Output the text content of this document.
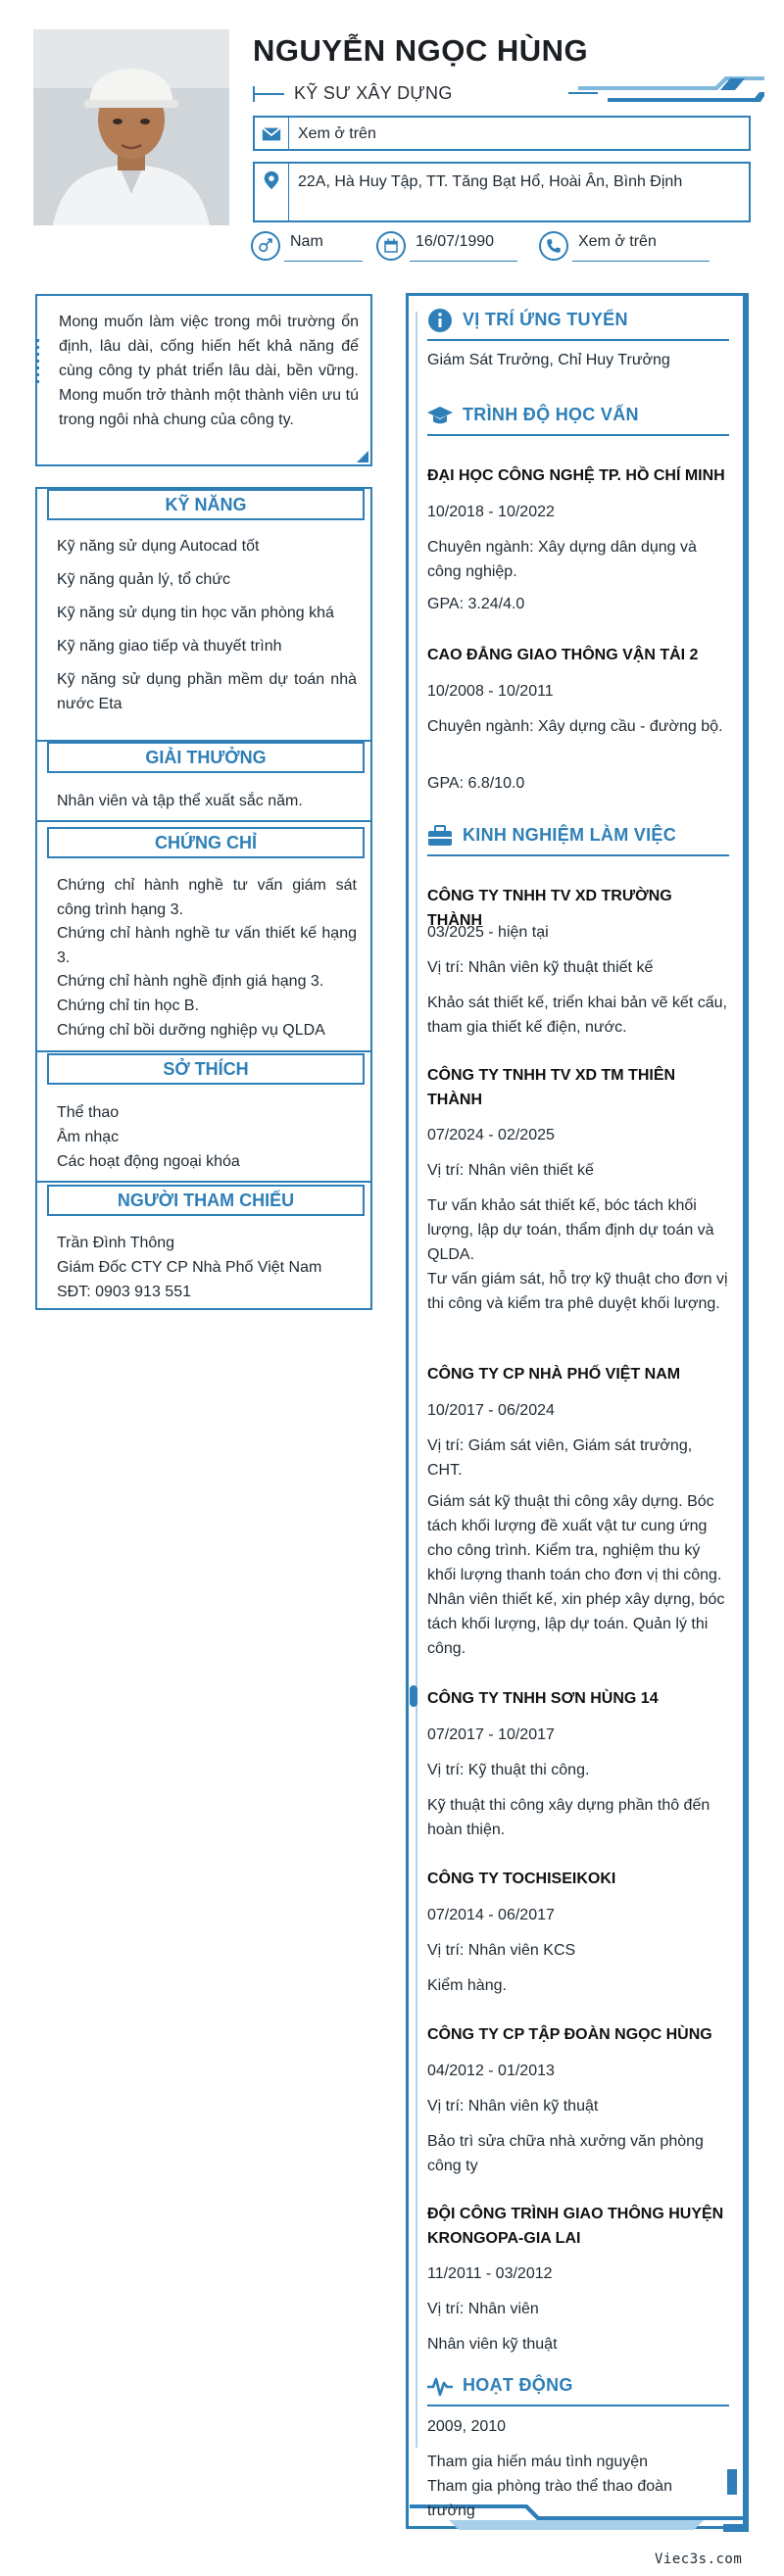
NGUYỄN NGỌC HÙNG
KỸ SƯ XÂY DỰNG
Xem ở trên
22A, Hà Huy Tập, TT. Tăng Bạt Hổ, Hoài Ân, Bình Định
Nam	16/07/1990	Xem ở trên
Mong muốn làm việc trong môi trường ổn định, lâu dài, cống hiến hết khả năng để cùng công ty phát triển lâu dài, bền vững. Mong muốn trở thành một thành viên ưu tú trong ngôi nhà chung của công ty.
KỸ NĂNG
Kỹ năng sử dụng Autocad tốt
Kỹ năng quản lý, tổ chức
Kỹ năng sử dụng tin học văn phòng khá
Kỹ năng giao tiếp và thuyết trình
Kỹ năng sử dụng phần mềm dự toán nhà nước Eta
GIẢI THƯỞNG
Nhân viên và tập thể xuất sắc năm.
CHỨNG CHỈ
Chứng chỉ hành nghề tư vấn giám sát công trình hạng 3.
Chứng chỉ hành nghề tư vấn thiết kế hạng 3.
Chứng chỉ hành nghề định giá hạng 3.
Chứng chỉ tin học B.
Chứng chỉ bồi dưỡng nghiệp vụ QLDA
SỞ THÍCH
Thể thao
Âm nhạc
Các hoạt động ngoại khóa
NGƯỜI THAM CHIẾU
Trần Đình Thông
Giám Đốc CTY CP Nhà Phố Việt Nam
SĐT: 0903 913 551
VỊ TRÍ ỨNG TUYỂN
Giám Sát Trưởng, Chỉ Huy Trưởng
TRÌNH ĐỘ HỌC VẤN
ĐẠI HỌC CÔNG NGHỆ TP. HỒ CHÍ MINH
10/2018 - 10/2022
Chuyên ngành: Xây dựng dân dụng và công nghiệp.
GPA: 3.24/4.0
CAO ĐẲNG GIAO THÔNG VẬN TẢI 2
10/2008 - 10/2011
Chuyên ngành: Xây dựng cầu - đường bộ.
GPA: 6.8/10.0
KINH NGHIỆM LÀM VIỆC
CÔNG TY TNHH TV XD TRƯỜNG THÀNH
03/2025 - hiện tại
Vị trí: Nhân viên kỹ thuật thiết kế
Khảo sát thiết kế, triển khai bản vẽ kết cấu, tham gia thiết kế điện, nước.
CÔNG TY TNHH TV XD TM THIÊN THÀNH
07/2024 - 02/2025
Vị trí: Nhân viên thiết kế
Tư vấn khảo sát thiết kế, bóc tách khối lượng, lập dự toán, thẩm định dự toán và QLDA.
Tư vấn giám sát, hỗ trợ kỹ thuật cho đơn vị thi công và kiểm tra phê duyệt khối lượng.
CÔNG TY CP NHÀ PHỐ VIỆT NAM
10/2017 - 06/2024
Vị trí: Giám sát viên, Giám sát trưởng, CHT.
Giám sát kỹ thuật thi công xây dựng. Bóc tách khối lượng đề xuất vật tư cung ứng cho công trình. Kiểm tra, nghiệm thu ký khối lượng thanh toán cho đơn vị thi công. Nhân viên thiết kế, xin phép xây dựng, bóc tách khối lượng, lập dự toán. Quản lý thi công.
CÔNG TY TNHH SƠN HÙNG 14
07/2017 - 10/2017
Vị trí: Kỹ thuật thi công.
Kỹ thuật thi công xây dựng phần thô đến hoàn thiện.
CÔNG TY TOCHISEIKOKI
07/2014 - 06/2017
Vị trí: Nhân viên KCS
Kiểm hàng.
CÔNG TY CP TẬP ĐOÀN NGỌC HÙNG
04/2012 - 01/2013
Vị trí: Nhân viên kỹ thuật
Bảo trì sửa chữa nhà xưởng văn phòng công ty
ĐỘI CÔNG TRÌNH GIAO THÔNG HUYỆN KRONGOPA-GIA LAI
11/2011 - 03/2012
Vị trí: Nhân viên
Nhân viên kỹ thuật
HOẠT ĐỘNG
2009, 2010
Tham gia hiến máu tình nguyện
Tham gia phòng trào thể thao đoàn trường
Viec3s.com
